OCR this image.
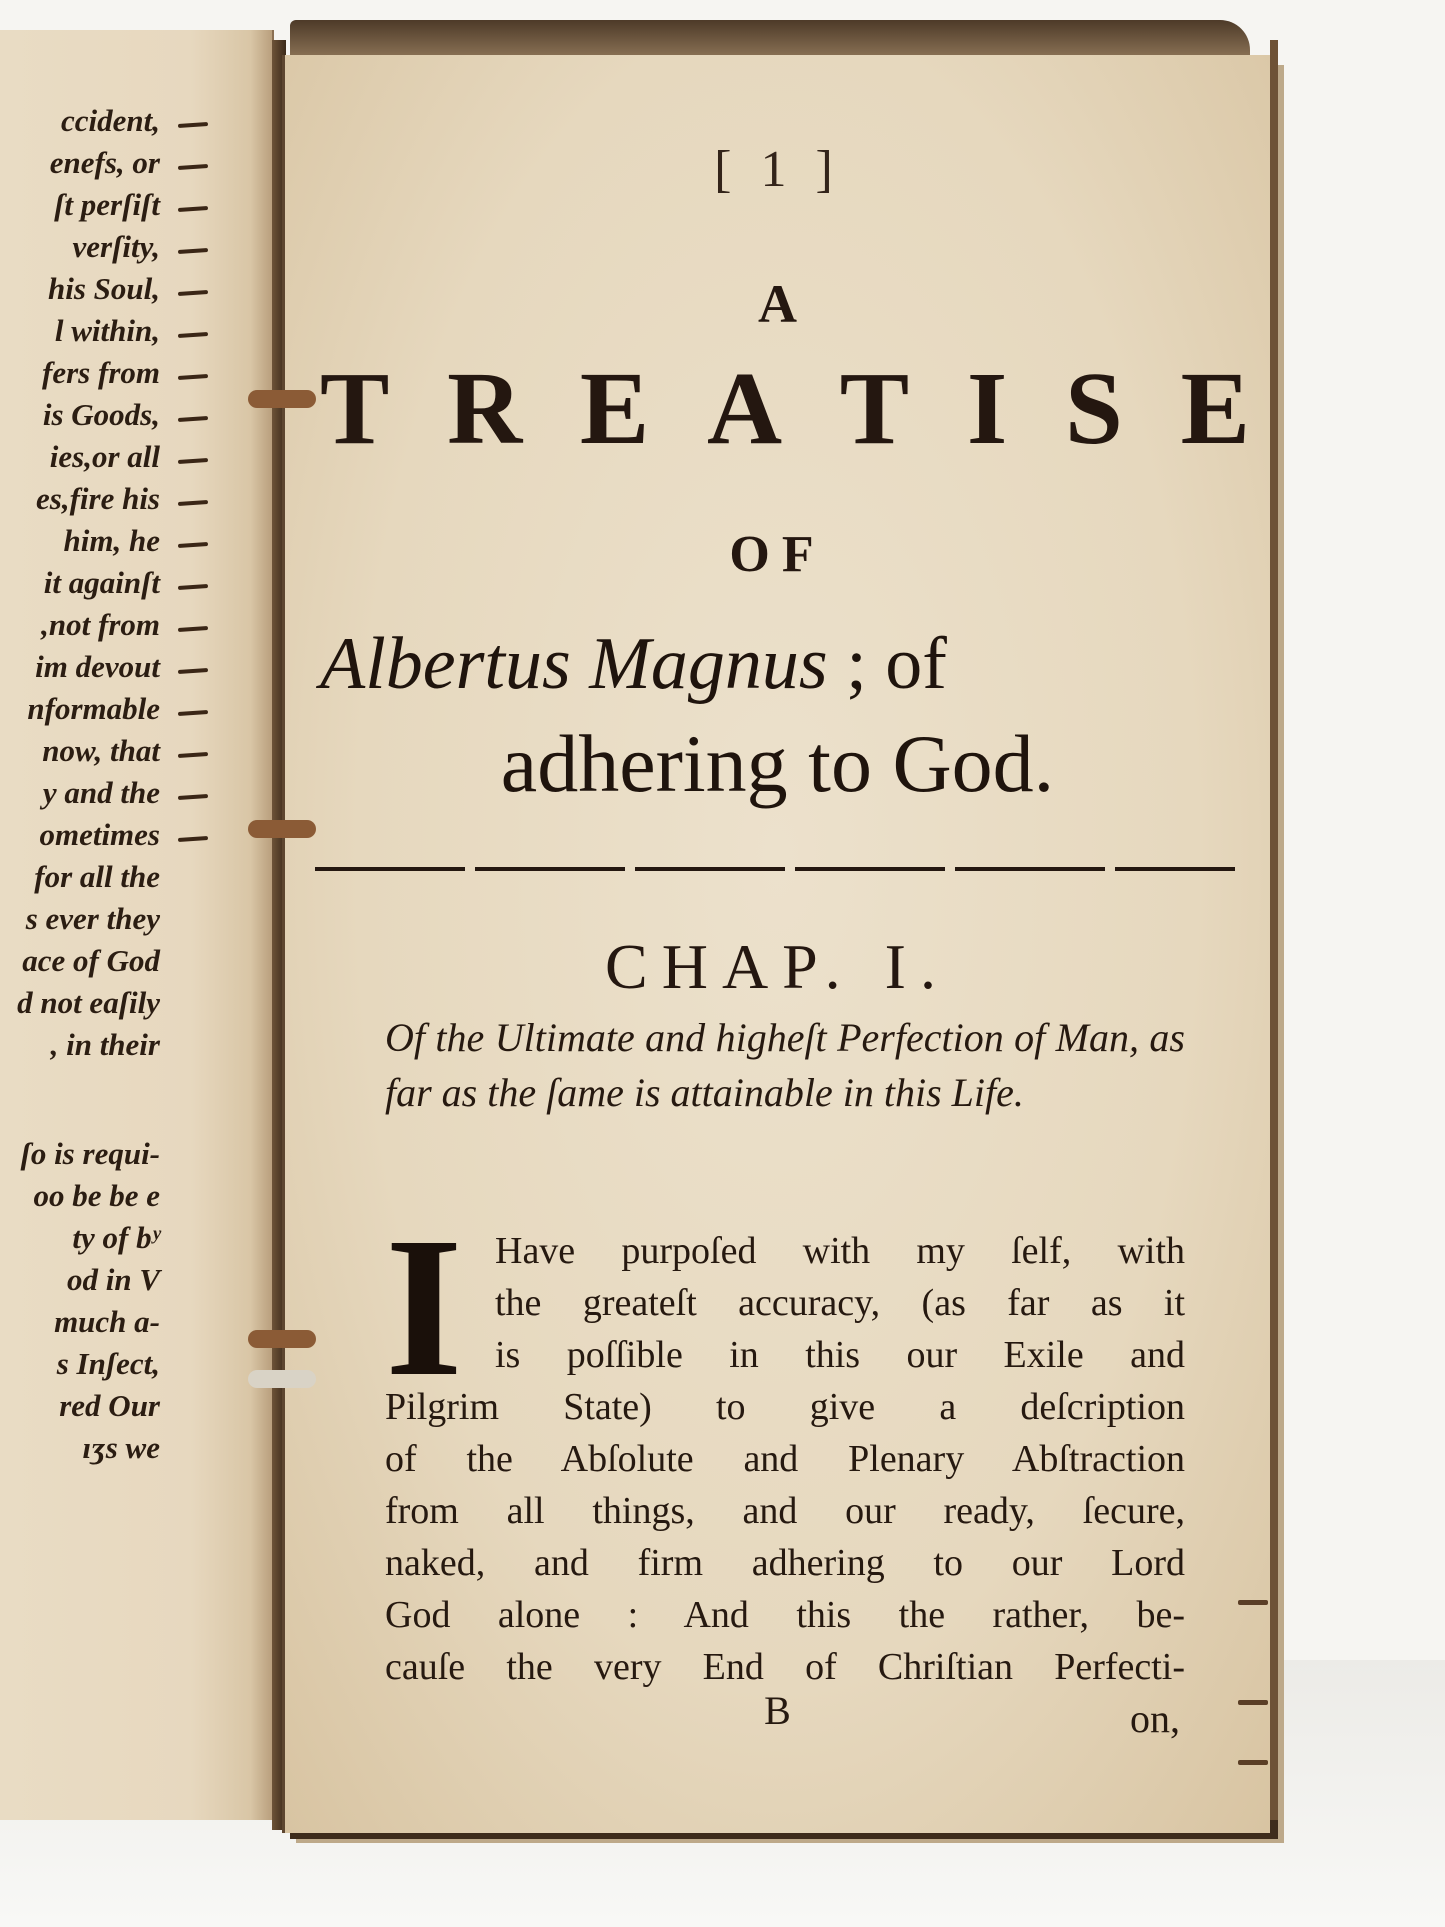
ccident,
enefs, or
ſt perſiſt
verſity,
his Soul,
l within,
fers from
is Goods,
ies,or all
es,fire his
him, he
it againſt
,not from
im devout
nformable
now, that
y and the
ometimes
for all the
s ever they
ace of God
d not eaſily
, in their
ſo is requi-
oo be be e
ty of bʸ
od in V
much a-
s Inʃect,
red Our
ıʒs we
[ 1 ]
A
T R E A T I S E
OF
Albertus Magnus ; of
adhering to God.
CHAP. I.
Of the Ultimate and higheſt Perfection of Man, as far as the ſame is attainable in this Life.
I Have purpoſed with my ſelf, with
the greateſt accuracy, (as far as it
is poſſible in this our Exile and
Pilgrim State) to give a deſcription
of the Abſolute and Plenary Abſtraction
from all things, and our ready, ſecure,
naked, and firm adhering to our Lord
God alone : And this the rather, be-
cauſe the very End of Chriſtian Perfecti-
B	on,
